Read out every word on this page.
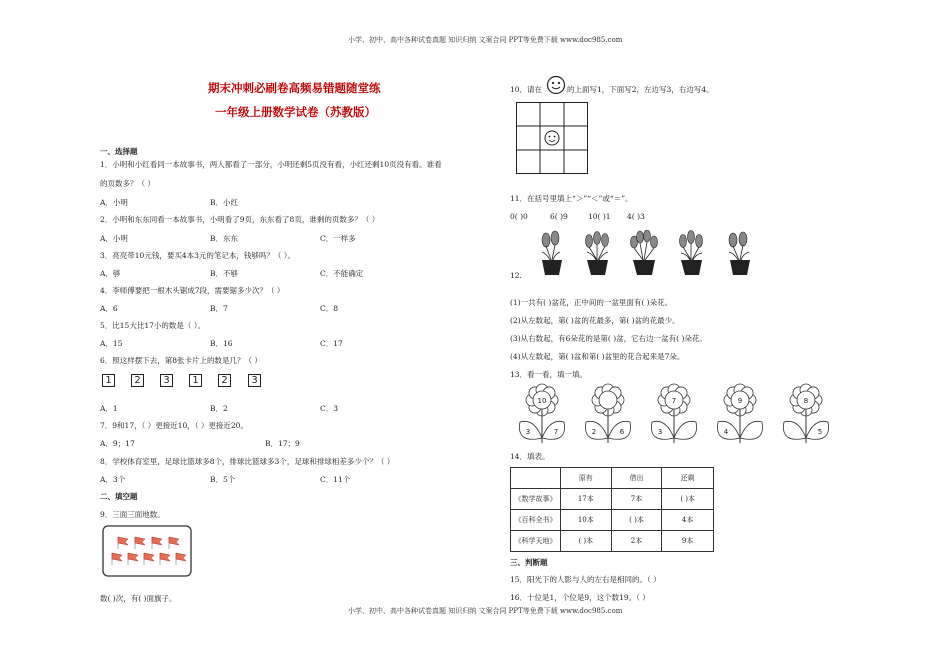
小学、初中、高中各种试卷真题 知识归纳 文案合同 PPT等免费下载 www.doc985.com
小学、初中、高中各种试卷真题 知识归纳 文案合同 PPT等免费下载 www.doc985.com
期末冲刺必刷卷高频易错题随堂练
一年级上册数学试卷（苏教版）
一、选择题
1．小明和小红看同一本故事书，两人都看了一部分，小明还剩5页没有看，小红还剩10页没有看。谁看
的页数多？（ ）
A．小明	B．小红
2．小明和东东同看一本故事书，小明看了9页，东东看了8页，谁剩的页数多？（ ）
A．小明	B．东东	C．一样多
3．亮亮带10元钱，要买4本3元的笔记本，钱够吗？（ ）。
A．够	B．不够	C．不能确定
4．李师傅要把一根木头锯成7段，需要锯多少次？（ ）
A．6	B．7	C．8
5．比15大比17小的数是（ ）。
A．15	B．16	C．17
6．照这样摆下去，第8张卡片上的数是几？（ ）
1	2	3	1	2	3
A．1	B．2	C．3
7．9和17，（ ）更接近10，（ ）更接近20。
A．9；17	B．17；9
8．学校体育室里，足球比篮球多8个，排球比篮球多3个，足球和排球相差多少个？（ ）
A．3个	B．5个	C．11个
二、填空题
9．三面三面地数。
数( )次，有( )面旗子。
10．请在	的上面写1，下面写2，左边写3，右边写4。
11．在括号里填上“＞”“＜”或“＝”。
0( )0	6( )9	10( )1 4( )3
12.
(1)一共有( )盆花，正中间的一盆里面有( )朵花。
(2)从左数起，第( )盆的花最多，第( )盆的花最少。
(3)从右数起，有6朵花的是第( )盆，它右边一盆有( )朵花。
(4)从左数起，第( )盆和第( )盆里的花合起来是7朵。
13．看一看，填一填。
10
3	7	2	6
7
3
9
4
8
5
14．填表。
	原有	借出	还剩
《数学故事》	17本	7本	( )本
《百科全书》	10本	( )本	4本
《科学天地》	( )本	2本	9本
三、判断题
15．阳光下的人影与人的左右是相同的。（ ）
16．十位是1，个位是9，这个数19。（ ）
